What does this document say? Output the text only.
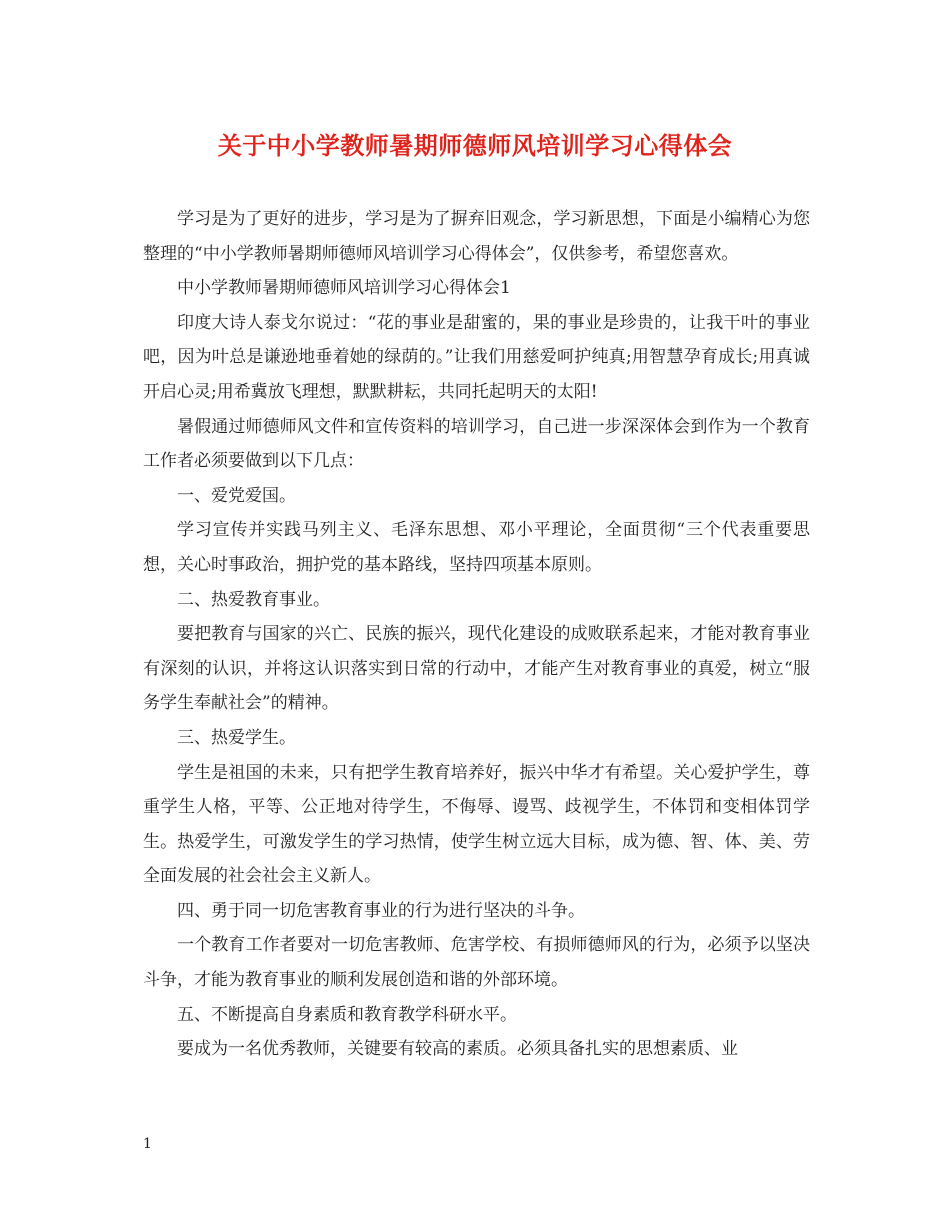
关于中小学教师暑期师德师风培训学习心得体会

学习是为了更好的进步，学习是为了摒弃旧观念，学习新思想，下面是小编精心为您整理的“中小学教师暑期师德师风培训学习心得体会”，仅供参考，希望您喜欢。

中小学教师暑期师德师风培训学习心得体会1

印度大诗人泰戈尔说过：“花的事业是甜蜜的，果的事业是珍贵的，让我干叶的事业吧，因为叶总是谦逊地垂着她的绿荫的。”让我们用慈爱呵护纯真;用智慧孕育成长;用真诚开启心灵;用希冀放飞理想，默默耕耘，共同托起明天的太阳!

暑假通过师德师风文件和宣传资料的培训学习，自己进一步深深体会到作为一个教育工作者必须要做到以下几点：

一、爱党爱国。

学习宣传并实践马列主义、毛泽东思想、邓小平理论，全面贯彻“三个代表重要思想，关心时事政治，拥护党的基本路线，坚持四项基本原则。

二、热爱教育事业。

要把教育与国家的兴亡、民族的振兴，现代化建设的成败联系起来，才能对教育事业有深刻的认识，并将这认识落实到日常的行动中，才能产生对教育事业的真爱，树立“服务学生奉献社会”的精神。

三、热爱学生。

学生是祖国的未来，只有把学生教育培养好，振兴中华才有希望。关心爱护学生，尊重学生人格，平等、公正地对待学生，不侮辱、谩骂、歧视学生，不体罚和变相体罚学生。热爱学生，可激发学生的学习热情，使学生树立远大目标，成为德、智、体、美、劳全面发展的社会社会主义新人。

四、勇于同一切危害教育事业的行为进行坚决的斗争。

一个教育工作者要对一切危害教师、危害学校、有损师德师风的行为，必须予以坚决斗争，才能为教育事业的顺利发展创造和谐的外部环境。

五、不断提高自身素质和教育教学科研水平。

要成为一名优秀教师，关键要有较高的素质。必须具备扎实的思想素质、业

1
